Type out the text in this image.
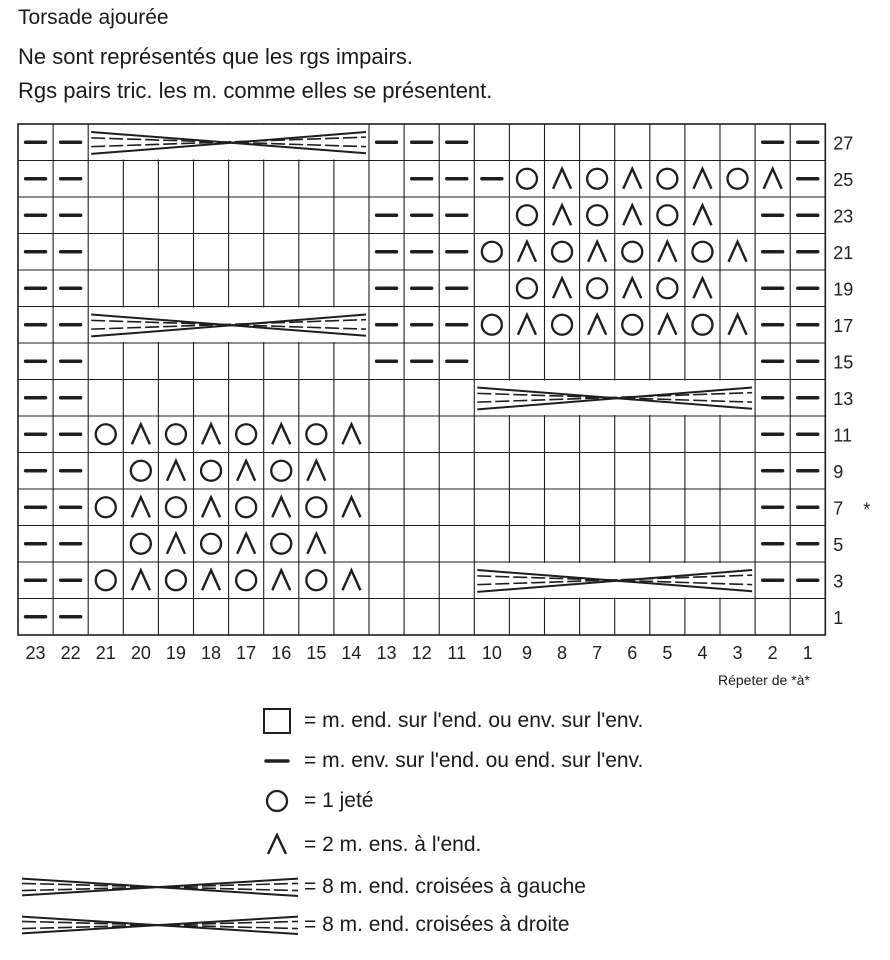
Torsade ajourée
Ne sont représentés que les rgs impairs.
Rgs pairs tric. les m. comme elles se présentent.
27
25
23
21
19
17
15
13
11
9
7 *
5
3
1
23 22 21 20 19 18 17 16 15 14 13 12 11 10 9 8 7 6 5 4 3 2 1
Répeter de *à*
= m. end. sur l'end. ou env. sur l'env.
= m. env. sur l'end. ou end. sur l'env.
= 1 jeté
= 2 m. ens. à l'end.
= 8 m. end. croisées à gauche
= 8 m. end. croisées à droite
